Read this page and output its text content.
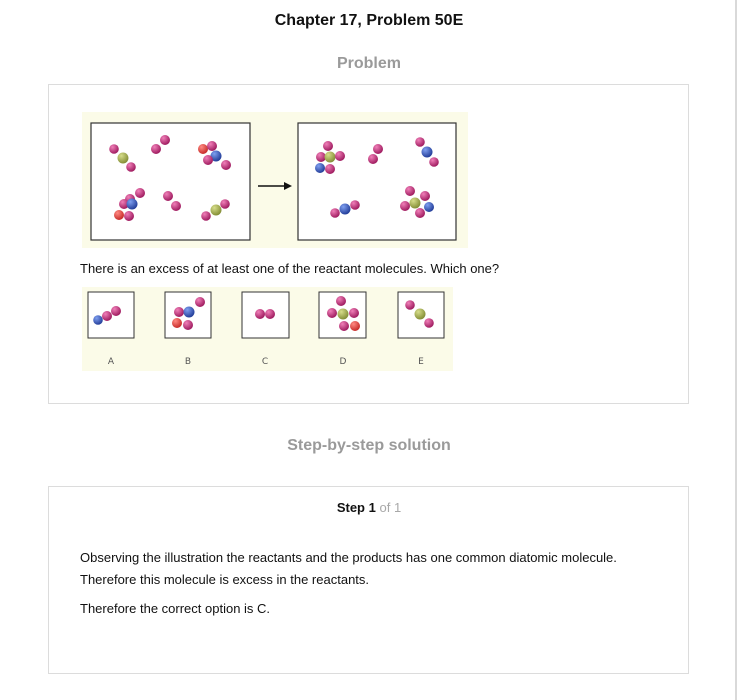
Chapter 17, Problem 50E
Problem
There is an excess of at least one of the reactant molecules. Which one?
A	B	C	D	E
Step-by-step solution
Step 1 of 1
Observing the illustration the reactants and the products has one common diatomic molecule. Therefore this molecule is excess in the reactants.
Therefore the correct option is C.
